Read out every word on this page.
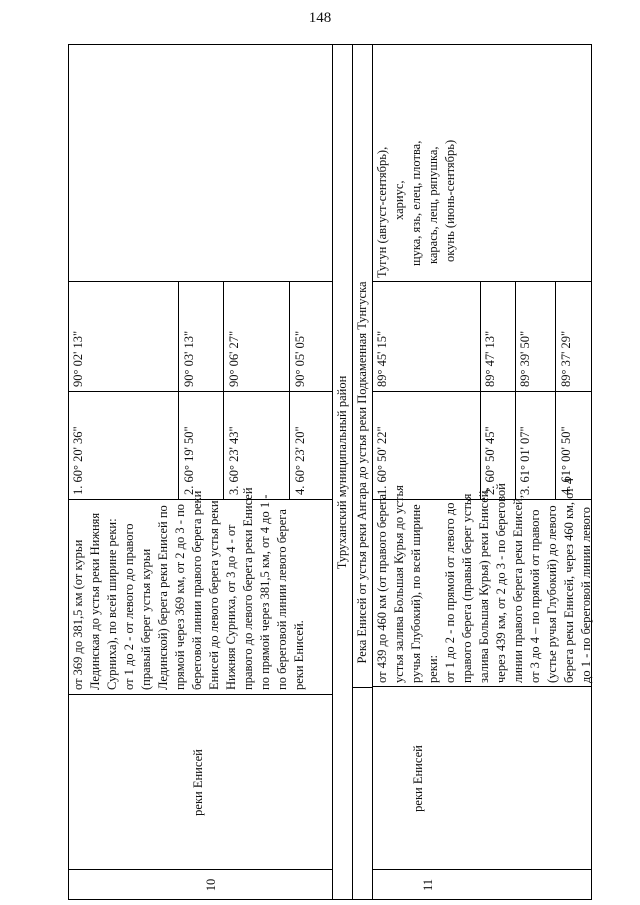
148
10
реки Енисей
от 369 до 381,5 км (от курьи Лединская до устья реки Нижняя Сурниха), по всей ширине реки: от 1 до 2 - от левого до правого (правый берег устья курьи Лединской) берега реки Енисей по прямой через 369 км, от 2 до 3 - по береговой линии правого берега реки Енисей до левого берега устья реки Нижняя Сурниха, от 3 до 4 - от правого до левого берега реки Енисей по прямой через 381,5 км, от 4 до 1 - по береговой линии левого берега реки Енисей.
1. 60° 20' 36"
90° 02' 13"
2. 60° 19' 50"
90° 03' 13"
3. 60° 23' 43"
90° 06' 27"
4. 60° 23' 20"
90° 05' 05"
Туруханский муниципальный район Река Енисей от устья реки Ангара до устья реки Подкаменная Тунгуска
11
реки Енисей
от 439 до 460 км (от правого берега устья залива Большая Курья до устья ручья Глубокий), по всей ширине реки: от 1 до 2 - по прямой от левого до правого берега (правый берег устья залива Большая Курья) реки Енисей, через 439 км, от 2 до 3 - по береговой линии правого берега реки Енисей, от 3 до 4 – по прямой от правого (устье ручья Глубокий) до левого берега реки Енисей, через 460 км, от 4 до 1 - по береговой линии левого
1. 60° 50' 22"
89° 45' 15"
2. 60° 50' 45"
89° 47' 13"
3. 61° 01' 07"
89° 39' 50"
4. 61° 00' 50"
89° 37' 29"
Тугун (август-сентябрь), хариус, щука, язь, елец, плотва, карась, лещ, ряпушка, окунь (июнь-сентябрь)
